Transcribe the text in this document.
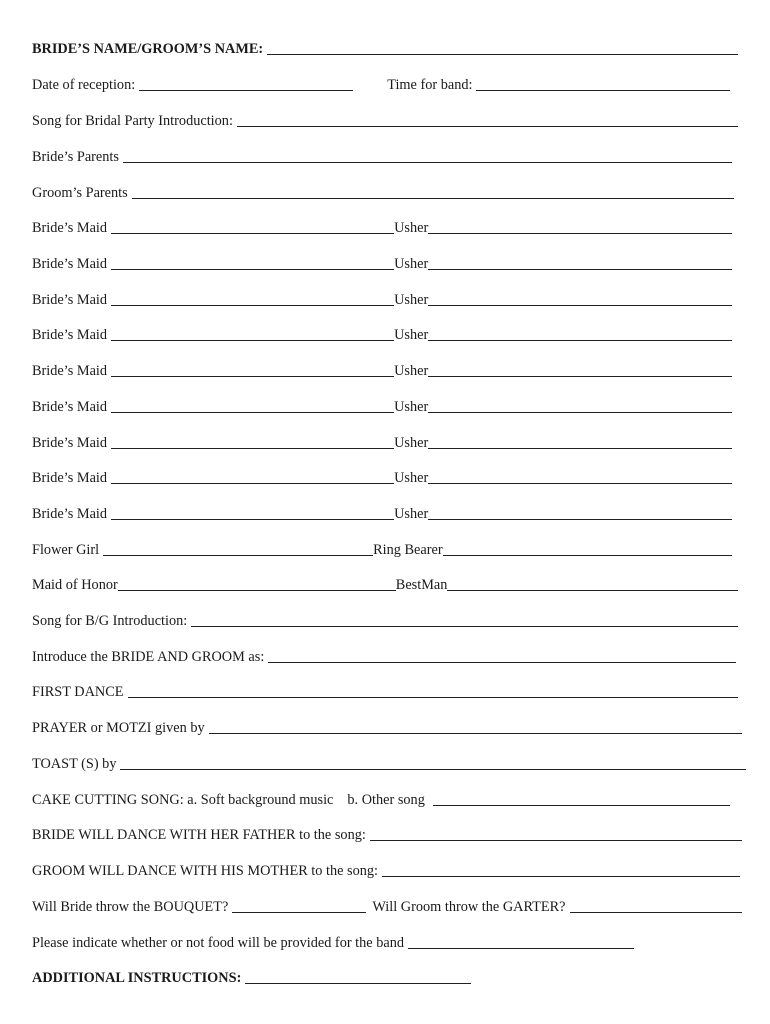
BRIDE’S NAME/GROOM’S NAME:
Date of reception:	Time for band:
Song for Bridal Party Introduction:
Bride’s Parents
Groom’s Parents
Bride’s Maid	Usher
Bride’s Maid	Usher
Bride’s Maid	Usher
Bride’s Maid	Usher
Bride’s Maid	Usher
Bride’s Maid	Usher
Bride’s Maid	Usher
Bride’s Maid	Usher
Bride’s Maid	Usher
Flower Girl	Ring Bearer
Maid of Honor	BestMan
Song for B/G Introduction:
Introduce the BRIDE AND GROOM as:
FIRST DANCE
PRAYER or MOTZI given by
TOAST (S) by
CAKE CUTTING SONG: a. Soft background music b. Other song
BRIDE WILL DANCE WITH HER FATHER to the song:
GROOM WILL DANCE WITH HIS MOTHER to the song:
Will Bride throw the BOUQUET?	Will Groom throw the GARTER?
Please indicate whether or not food will be provided for the band
ADDITIONAL INSTRUCTIONS:
